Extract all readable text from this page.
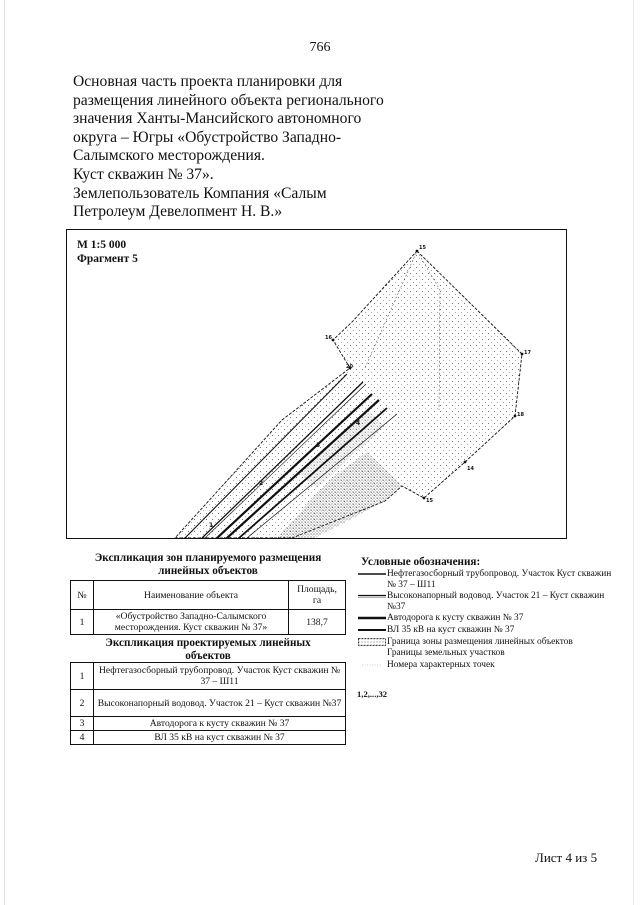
766
Основная часть проекта планировки для
размещения линейного объекта регионального
значения Ханты-Мансийского автономного
округа – Югры «Обустройство Западно-
Салымского месторождения.
Куст скважин № 37».
Землепользователь Компания «Салым
Петролеум Девелопмент Н. В.»
М 1:5 000
Фрагмент 5
15
16
17
18
14
15
20
1
2
3
4
Экспликация зон планируемого размещения
линейных объектов
№	Наименование объекта	Площадь, га
1	«Обустройство Западно-Салымского месторождения. Куст скважин № 37»	138,7
Экспликация проектируемых линейных
объектов
1	Нефтегазосборный трубопровод. Участок Куст скважин № 37 – Ш11
2	Высоконапорный водовод. Участок 21 – Куст скважин №37
3	Автодорога к кусту скважин № 37
4	ВЛ 35 кВ на куст скважин № 37
Условные обозначения:
Нефтегазосборный трубопровод. Участок Куст скважин № 37 – Ш11
Высоконапорный водовод. Участок 21 – Куст скважин №37
Автодорога к кусту скважин № 37
ВЛ 35 кВ на куст скважин № 37
Граница зоны размещения линейных объектов
Границы земельных участков
Номера характерных точек
1,2,...,32
Лист 4 из 5
